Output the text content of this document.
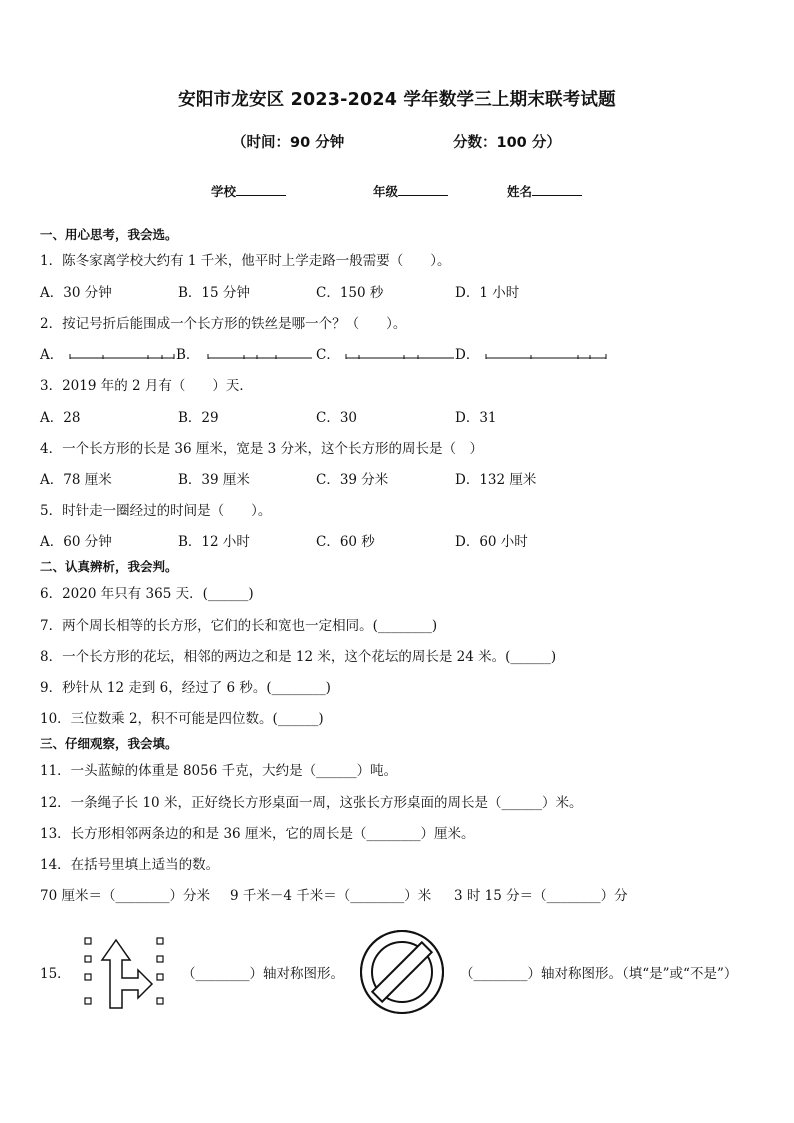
安阳市龙安区 2023-2024 学年数学三上期末联考试题
（时间：90 分钟	分数：100 分）
学校	年级	姓名
一、用心思考，我会选。
1．陈冬家离学校大约有 1 千米，他平时上学走路一般需要（　　）。
A．30 分钟	B．15 分钟	C．150 秒	D．1 小时
2．按记号折后能围成一个长方形的铁丝是哪一个？（　　）。
A．	B．	C．	D．
3．2019 年的 2 月有（　　）天．
A．28	B．29	C．30	D．31
4．一个长方形的长是 36 厘米，宽是 3 分米，这个长方形的周长是（　）
A．78 厘米	B．39 厘米	C．39 分米	D．132 厘米
5．时针走一圈经过的时间是（　　）。
A．60 分钟	B．12 小时	C．60 秒	D．60 小时
二、认真辨析，我会判。
6．2020 年只有 365 天．(______)
7．两个周长相等的长方形，它们的长和宽也一定相同。(________)
8．一个长方形的花坛，相邻的两边之和是 12 米，这个花坛的周长是 24 米。(______)
9．秒针从 12 走到 6，经过了 6 秒。(________)
10．三位数乘 2，积不可能是四位数。(______)
三、仔细观察，我会填。
11．一头蓝鲸的体重是 8056 千克，大约是（______）吨。
12．一条绳子长 10 米，正好绕长方形桌面一周，这张长方形桌面的周长是（______）米。
13．长方形相邻两条边的和是 36 厘米，它的周长是（________）厘米。
14．在括号里填上适当的数。
70 厘米＝（________）分米 9 千米－4 千米＝（________）米 3 时 15 分＝（________）分
15．	（________）轴对称图形。	（________）轴对称图形。（填“是”或“不是”）
